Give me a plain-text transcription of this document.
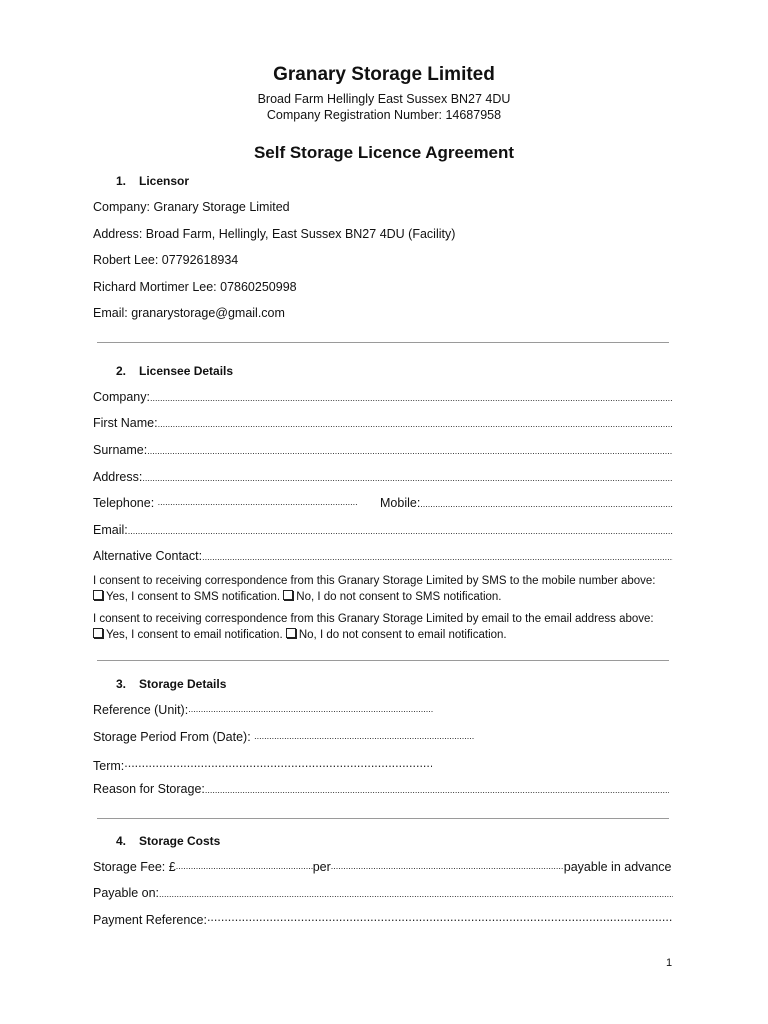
Granary Storage Limited
Broad Farm Hellingly East Sussex BN27 4DU
Company Registration Number: 14687958
Self Storage Licence Agreement
1. Licensor
Company: Granary Storage Limited
Address: Broad Farm, Hellingly, East Sussex BN27 4DU (Facility)
Robert Lee: 07792618934
Richard Mortimer Lee: 07860250998
Email: granarystorage@gmail.com
2. Licensee Details
Company:
.....
First Name:
.....
Surname:
.....
Address:
.....
Telephone: .....	Mobile:
.....
Email:
.....
Alternative Contact:
.....
I consent to receiving correspondence from this Granary Storage Limited by SMS to the mobile number above:
Yes, I consent to SMS notification. No, I do not consent to SMS notification.
I consent to receiving correspondence from this Granary Storage Limited by email to the email address above:
Yes, I consent to email notification. No, I do not consent to email notification.
3. Storage Details
Reference (Unit):.....
Storage Period From (Date): .....
Term:.....
Reason for Storage:
.....
4. Storage Costs
Storage Fee: £ .....	per .....	payable in advance
Payable on:
.....
Payment Reference:.....
1
